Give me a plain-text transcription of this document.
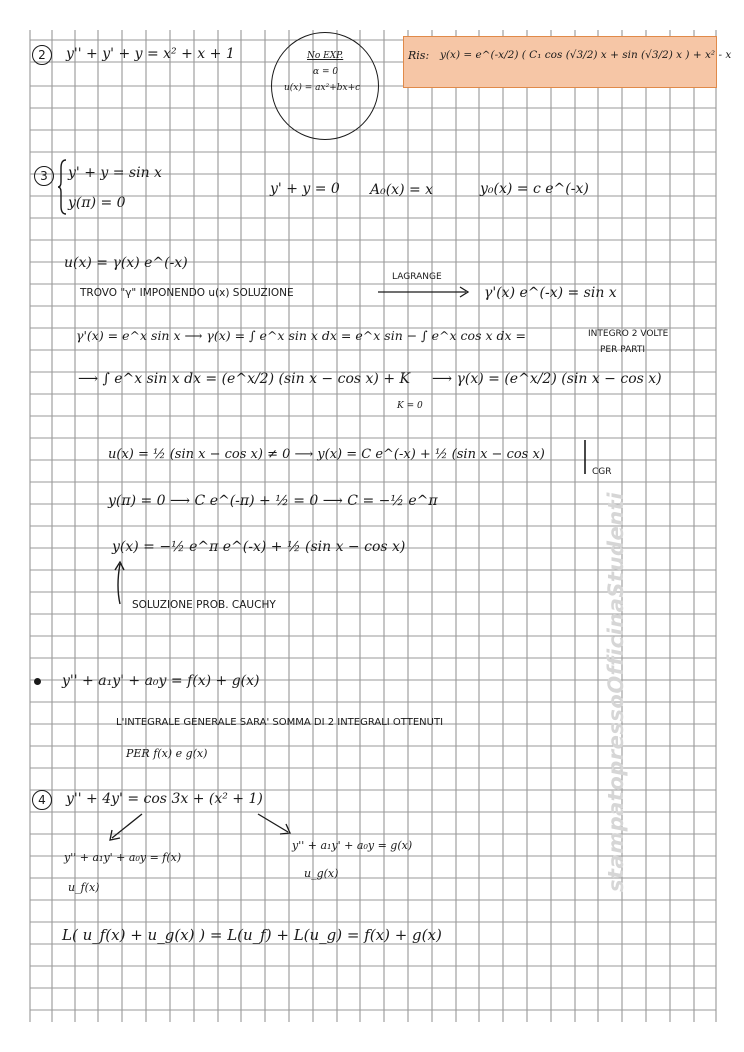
stampatopressoOfficinaStudenti
2	y'' + y' + y = x² + x + 1	No EXP.
α = 0
u(x) = ax²+bx+c
Ris: y(x) = e^(-x/2) ( C₁ cos (√3/2) x + sin (√3/2) x ) + x² - x
3	y' + y = sin x
y(π) = 0
y' + y = 0 A₀(x) = x	y₀(x) = c e^(-x)
u(x) = γ(x) e^(-x)
TROVO "γ" IMPONENDO u(x) SOLUZIONE
LAGRANGE
γ'(x) e^(-x) = sin x
γ'(x) = e^x sin x ⟶ γ(x) = ∫ e^x sin x dx = e^x sin − ∫ e^x cos x dx =	INTEGRO 2 VOLTE
PER PARTI
⟶ ∫ e^x sin x dx = (e^x/2) (sin x − cos x) + K
K = 0
⟶ γ(x) = (e^x/2) (sin x − cos x)
u(x) = ½ (sin x − cos x) ≠ 0 ⟶ y(x) = C e^(-x) + ½ (sin x − cos x)
CGR
y(π) = 0 ⟶ C e^(-π) + ½ = 0 ⟶ C = −½ e^π
y(x) = −½ e^π e^(-x) + ½ (sin x − cos x)
SOLUZIONE PROB. CAUCHY
y'' + a₁y' + a₀y = f(x) + g(x)
L'INTEGRALE GENERALE SARA' SOMMA DI 2 INTEGRALI OTTENUTI
PER f(x) e g(x)
4	y'' + 4y' = cos 3x + (x² + 1)
y'' + a₁y' + a₀y = f(x)
u_f(x)
y'' + a₁y' + a₀y = g(x)
u_g(x)
L( u_f(x) + u_g(x) ) = L(u_f) + L(u_g) = f(x) + g(x)
